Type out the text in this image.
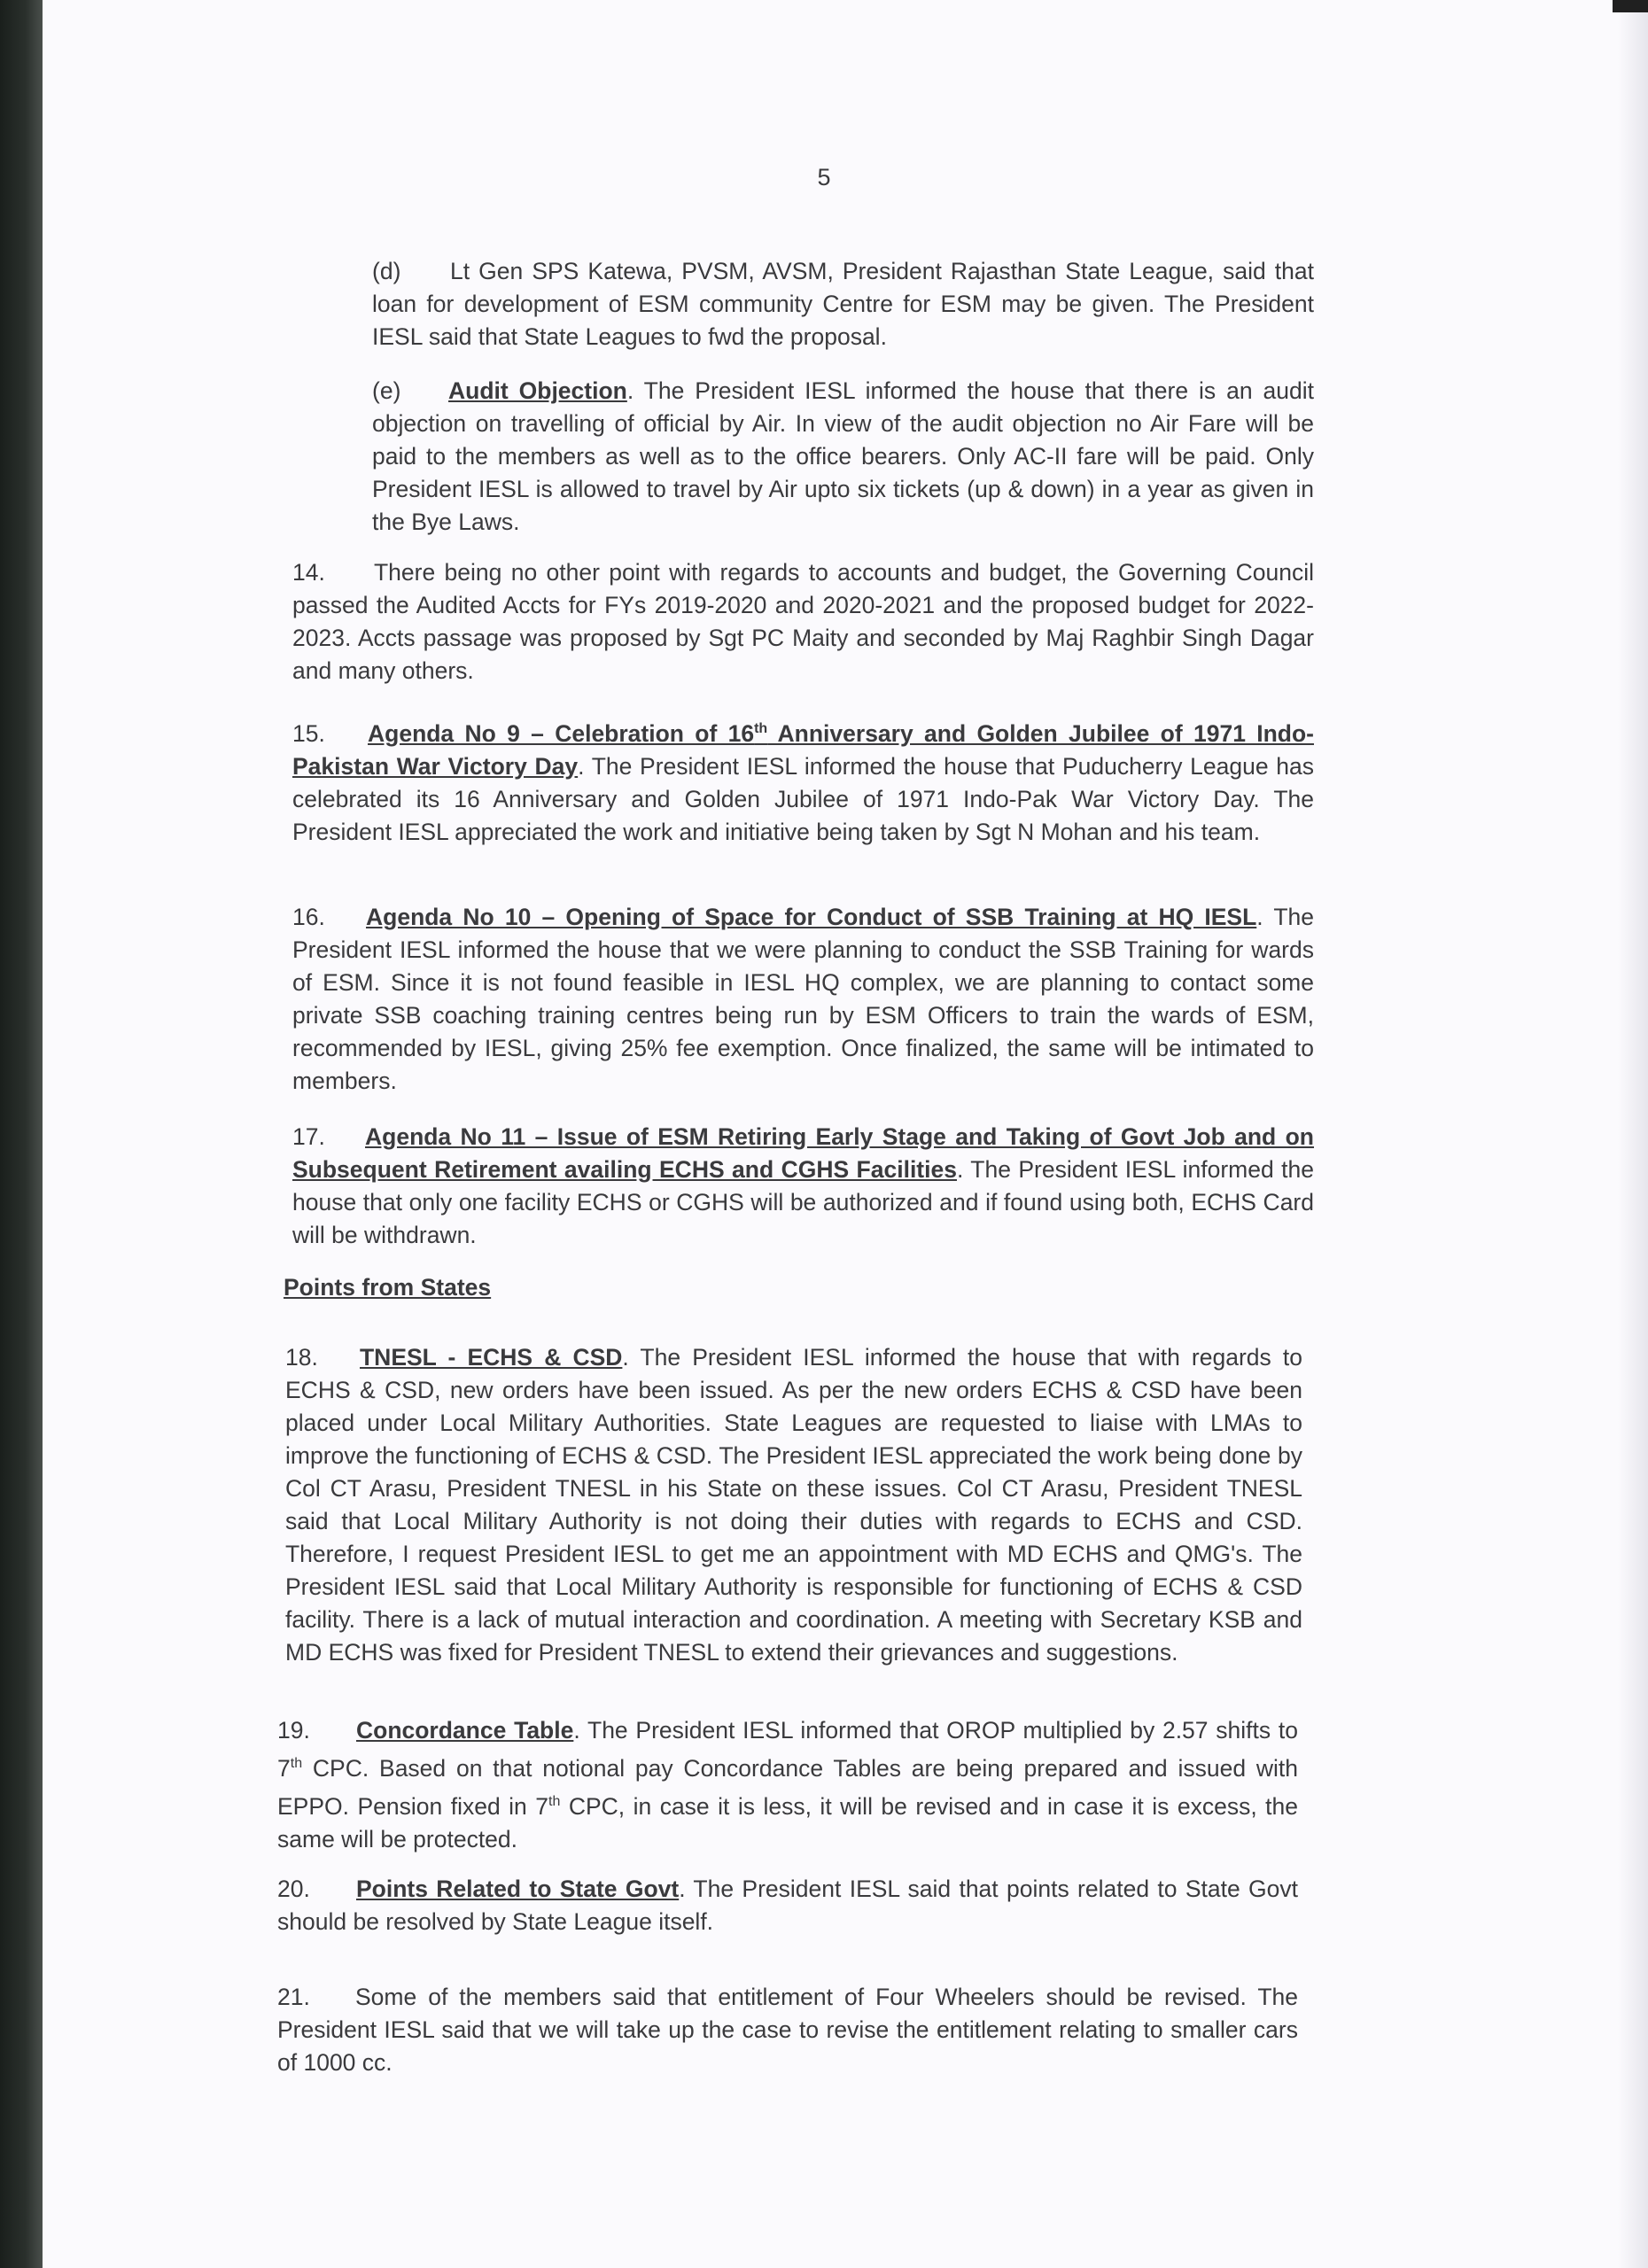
5

(d) Lt Gen SPS Katewa, PVSM, AVSM, President Rajasthan State League, said that loan for development of ESM community Centre for ESM may be given. The President IESL said that State Leagues to fwd the proposal.

(e) Audit Objection. The President IESL informed the house that there is an audit objection on travelling of official by Air. In view of the audit objection no Air Fare will be paid to the members as well as to the office bearers. Only AC-II fare will be paid. Only President IESL is allowed to travel by Air upto six tickets (up & down) in a year as given in the Bye Laws.

14. There being no other point with regards to accounts and budget, the Governing Council passed the Audited Accts for FYs 2019-2020 and 2020-2021 and the proposed budget for 2022-2023. Accts passage was proposed by Sgt PC Maity and seconded by Maj Raghbir Singh Dagar and many others.

15. Agenda No 9 – Celebration of 16th Anniversary and Golden Jubilee of 1971 Indo-Pakistan War Victory Day. The President IESL informed the house that Puducherry League has celebrated its 16 Anniversary and Golden Jubilee of 1971 Indo-Pak War Victory Day. The President IESL appreciated the work and initiative being taken by Sgt N Mohan and his team.

16. Agenda No 10 – Opening of Space for Conduct of SSB Training at HQ IESL. The President IESL informed the house that we were planning to conduct the SSB Training for wards of ESM. Since it is not found feasible in IESL HQ complex, we are planning to contact some private SSB coaching training centres being run by ESM Officers to train the wards of ESM, recommended by IESL, giving 25% fee exemption. Once finalized, the same will be intimated to members.

17. Agenda No 11 – Issue of ESM Retiring Early Stage and Taking of Govt Job and on Subsequent Retirement availing ECHS and CGHS Facilities. The President IESL informed the house that only one facility ECHS or CGHS will be authorized and if found using both, ECHS Card will be withdrawn.

Points from States

18. TNESL - ECHS & CSD. The President IESL informed the house that with regards to ECHS & CSD, new orders have been issued. As per the new orders ECHS & CSD have been placed under Local Military Authorities. State Leagues are requested to liaise with LMAs to improve the functioning of ECHS & CSD. The President IESL appreciated the work being done by Col CT Arasu, President TNESL in his State on these issues. Col CT Arasu, President TNESL said that Local Military Authority is not doing their duties with regards to ECHS and CSD. Therefore, I request President IESL to get me an appointment with MD ECHS and QMG's. The President IESL said that Local Military Authority is responsible for functioning of ECHS & CSD facility. There is a lack of mutual interaction and coordination. A meeting with Secretary KSB and MD ECHS was fixed for President TNESL to extend their grievances and suggestions.

19. Concordance Table. The President IESL informed that OROP multiplied by 2.57 shifts to 7th CPC. Based on that notional pay Concordance Tables are being prepared and issued with EPPO. Pension fixed in 7th CPC, in case it is less, it will be revised and in case it is excess, the same will be protected.

20. Points Related to State Govt. The President IESL said that points related to State Govt should be resolved by State League itself.

21. Some of the members said that entitlement of Four Wheelers should be revised. The President IESL said that we will take up the case to revise the entitlement relating to smaller cars of 1000 cc.
